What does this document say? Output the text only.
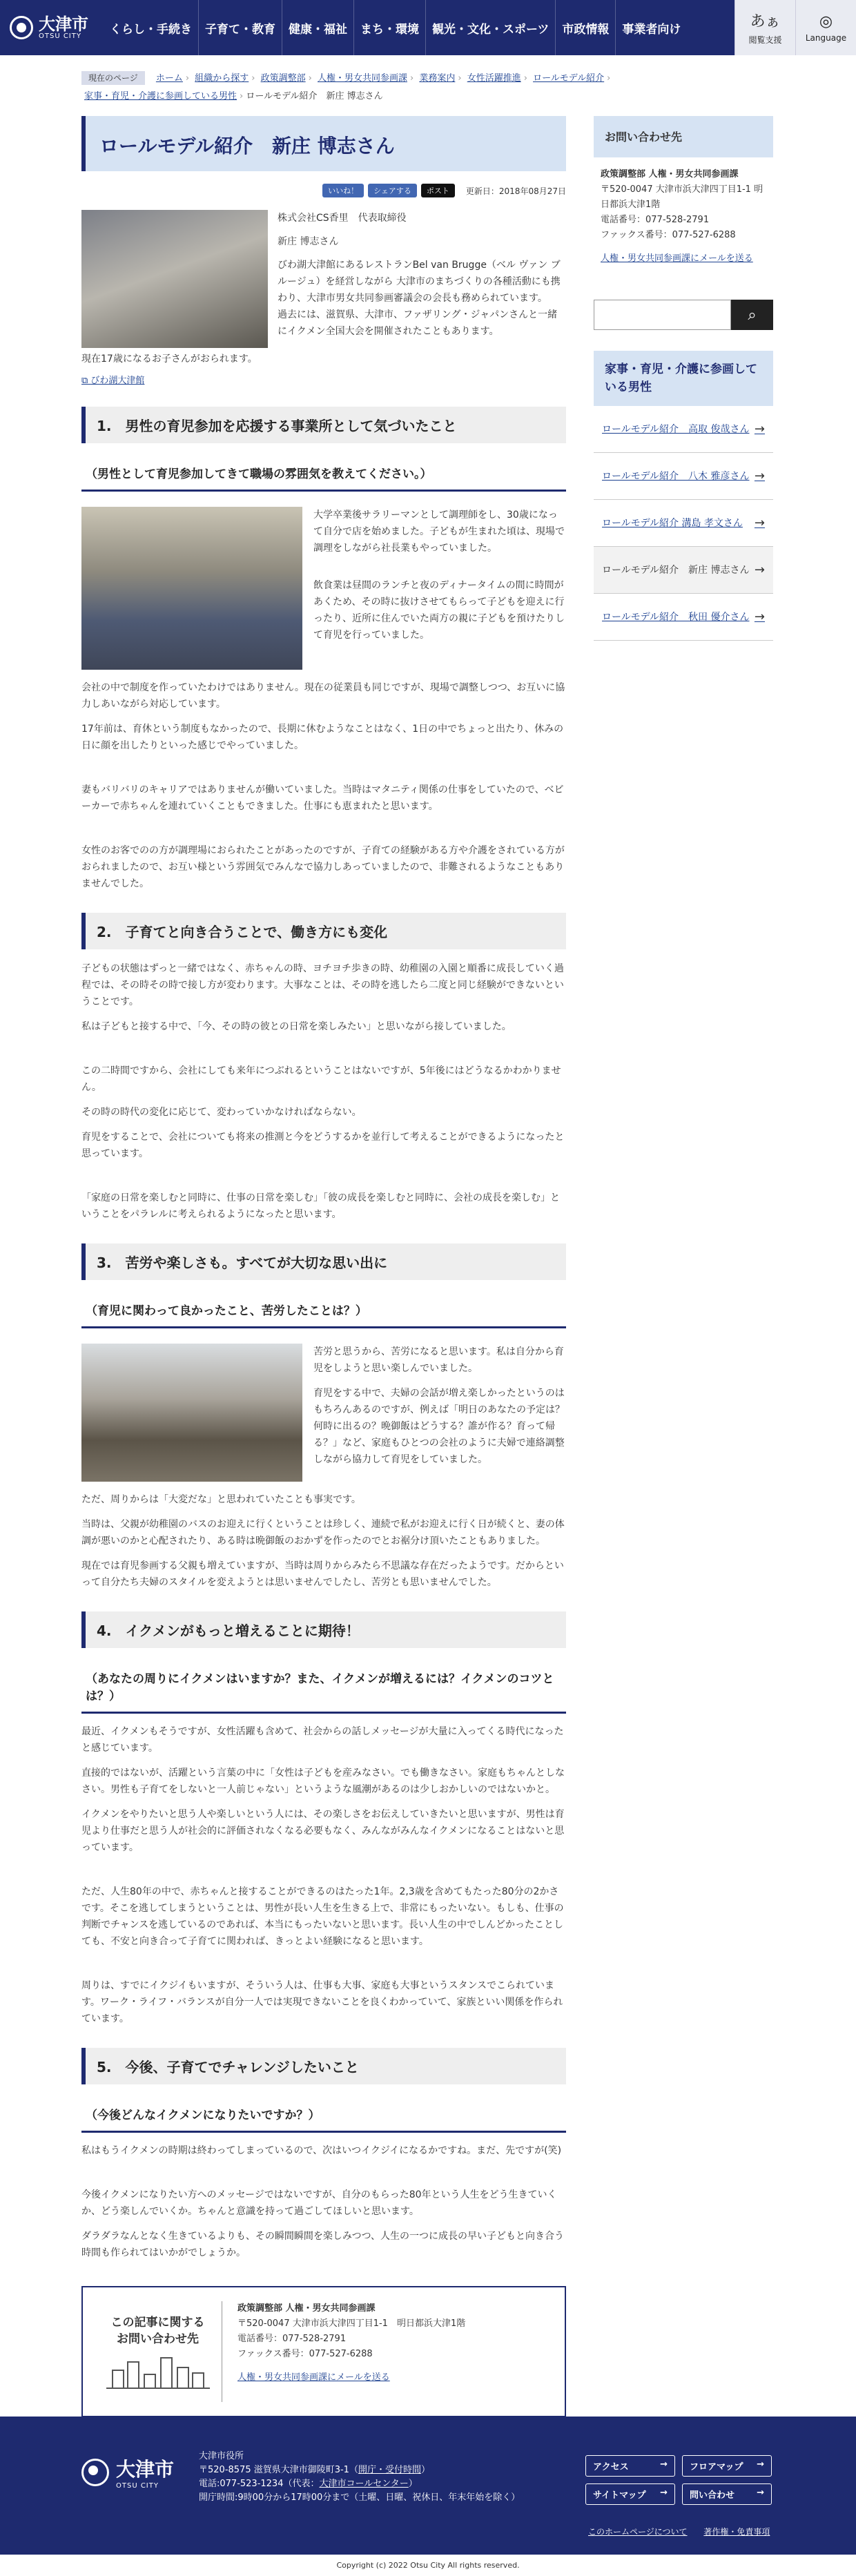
大津市
OTSU CITY	くらし・手続き	子育て・教育	健康・福祉	まち・環境	観光・文化・スポーツ	市政情報	事業者向け	あぁ
閲覧支援
◎
Language
現在のページ ホーム › 組織から探す › 政策調整部 › 人権・男女共同参画課 › 業務案内 › 女性活躍推進 › ロールモデル紹介 ›
家事・育児・介護に参画している男性 › ロールモデル紹介　新庄 博志さん
ロールモデル紹介　新庄 博志さん
いいね！	シェアする	ポスト	更新日：2018年08月27日

株式会社CS香里　代表取締役

新庄 博志さん

びわ湖大津館にあるレストランBel van Brugge（ベル ヴァン ブルージュ）を経営しながら 大津市のまちづくりの各種活動にも携わり、大津市男女共同参画審議会の会長も務められています。

過去には、滋賀県、大津市、ファザリング・ジャパンさんと一緒にイクメン全国大会を開催されたこともあります。

現在17歳になるお子さんがおられます。
⧉ びわ湖大津館
1.　男性の育児参加を応援する事業所として気づいたこと
（男性として育児参加してきて職場の雰囲気を教えてください。）

大学卒業後サラリーマンとして調理師をし、30歳になって自分で店を始めました。子どもが生まれた頃は、現場で調理をしながら社長業もやっていました。

飲食業は昼間のランチと夜のディナータイムの間に時間があくため、その時に抜けさせてもらって子どもを迎えに行ったり、近所に住んでいた両方の親に子どもを預けたりして育児を行っていました。

会社の中で制度を作っていたわけではありません。現在の従業員も同じですが、現場で調整しつつ、お互いに協力しあいながら対応しています。

17年前は、育休という制度もなかったので、長期に休むようなことはなく、1日の中でちょっと出たり、休みの日に顔を出したりといった感じでやっていました。

妻もバリバリのキャリアではありませんが働いていました。当時はマタニティ関係の仕事をしていたので、ベビーカーで赤ちゃんを連れていくこともできました。仕事にも恵まれたと思います。

女性のお客でのの方が調理場におられたことがあったのですが、子育ての経験がある方や介護をされている方がおられましたので、お互い様という雰囲気でみんなで協力しあっていましたので、非難されるようなこともありませんでした。

2.　子育てと向き合うことで、働き方にも変化

子どもの状態はずっと一緒ではなく、赤ちゃんの時、ヨチヨチ歩きの時、幼稚園の入園と順番に成長していく過程では、その時その時で接し方が変わります。大事なことは、その時を逃したら二度と同じ経験ができないということです。

私は子どもと接する中で、「今、その時の彼との日常を楽しみたい」と思いながら接していました。

この二時間ですから、会社にしても来年につぶれるということはないですが、5年後にはどうなるかわかりません。

その時の時代の変化に応じて、変わっていかなければならない。

育児をすることで、会社についても将来の推測と今をどうするかを並行して考えることができるようになったと思っています。

「家庭の日常を楽しむと同時に、仕事の日常を楽しむ」「彼の成長を楽しむと同時に、会社の成長を楽しむ」ということをパラレルに考えられるようになったと思います。

3.　苦労や楽しさも。すべてが大切な思い出に
（育児に関わって良かったこと、苦労したことは？）

苦労と思うから、苦労になると思います。私は自分から育児をしようと思い楽しんでいました。

育児をする中で、夫婦の会話が増え楽しかったというのはもちろんあるのですが、例えば「明日のあなたの予定は？何時に出るの？晩御飯はどうする？誰が作る？育って帰る？」など、家庭もひとつの会社のように夫婦で連絡調整しながら協力して育児をしていました。

ただ、周りからは「大変だな」と思われていたことも事実です。

当時は、父親が幼稚園のバスのお迎えに行くということは珍しく、連続で私がお迎えに行く日が続くと、妻の体調が悪いのかと心配されたり、ある時は晩御飯のおかずを作ったのでとお裾分け頂いたこともありました。

現在では育児参画する父親も増えていますが、当時は周りからみたら不思議な存在だったようです。だからといって自分たち夫婦のスタイルを変えようとは思いませんでしたし、苦労とも思いませんでした。

4.　イクメンがもっと増えることに期待！
（あなたの周りにイクメンはいますか？また、イクメンが増えるには？イクメンのコツとは？）

最近、イクメンもそうですが、女性活躍も含めて、社会からの話しメッセージが大量に入ってくる時代になったと感じています。

直接的ではないが、活躍という言葉の中に「女性は子どもを産みなさい。でも働きなさい。家庭もちゃんとしなさい。男性も子育てをしないと一人前じゃない」というような風潮があるのは少しおかしいのではないかと。

イクメンをやりたいと思う人や楽しいという人には、その楽しさをお伝えしていきたいと思いますが、男性は育児より仕事だと思う人が社会的に評価されなくなる必要もなく、みんながみんなイクメンになることはないと思っています。

ただ、人生80年の中で、赤ちゃんと接することができるのはたった1年。2,3歳を含めてもたった80分の2かさです。そこを逃してしまうということは、男性が長い人生を生きる上で、非常にもったいない。もしも、仕事の判断でチャンスを逃しているのであれば、本当にもったいないと思います。長い人生の中でしんどかったことしても、不安と向き合って子育てに関われば、きっとよい経験になると思います。

周りは、すでにイクジイもいますが、そういう人は、仕事も大事、家庭も大事というスタンスでこられています。ワーク・ライフ・バランスが自分一人では実現できないことを良くわかっていて、家族といい関係を作られています。

5.　今後、子育てでチャレンジしたいこと
（今後どんなイクメンになりたいですか？）

私はもうイクメンの時期は終わってしまっているので、次はいつイクジイになるかですね。まだ、先ですが(笑)

今後イクメンになりたい方へのメッセージではないですが、自分のもらった80年という人生をどう生きていくか、どう楽しんでいくか。ちゃんと意識を持って過ごしてほしいと思います。

ダラダラなんとなく生きているよりも、その瞬間瞬間を楽しみつつ、人生の一つに成長の早い子どもと向き合う時間も作られてはいかがでしょうか。

この記事に関する
お問い合わせ先
政策調整部 人権・男女共同参画課
〒520-0047 大津市浜大津四丁目1-1　明日都浜大津1階
電話番号：077-528-2791
ファックス番号：077-527-6288
人権・男女共同参画課にメールを送る
お問い合わせ先
政策調整部 人権・男女共同参画課
〒520-0047 大津市浜大津四丁目1-1 明日都浜大津1階
電話番号：077-528-2791
ファックス番号：077-527-6288
人権・男女共同参画課にメールを送る
⌕
家事・育児・介護に参画している男性
ロールモデル紹介　高取 俊哉さん →
ロールモデル紹介　八木 雅彦さん →
ロールモデル紹介 溝島 孝文さん →
ロールモデル紹介　新庄 博志さん →
ロールモデル紹介　秋田 優介さん →
大津市
OTSU CITY
大津市役所
〒520-8575 滋賀県大津市御陵町3-1（開庁・受付時間）
電話:077-523-1234（代表：大津市コールセンター）
開庁時間:9時00分から17時00分まで（土曜、日曜、祝休日、年末年始を除く）
アクセス	→ フロアマップ →
サイトマップ → 問い合わせ →
このホームページについて 著作権・免責事項
Copyright (c) 2022 Otsu City All rights reserved.
